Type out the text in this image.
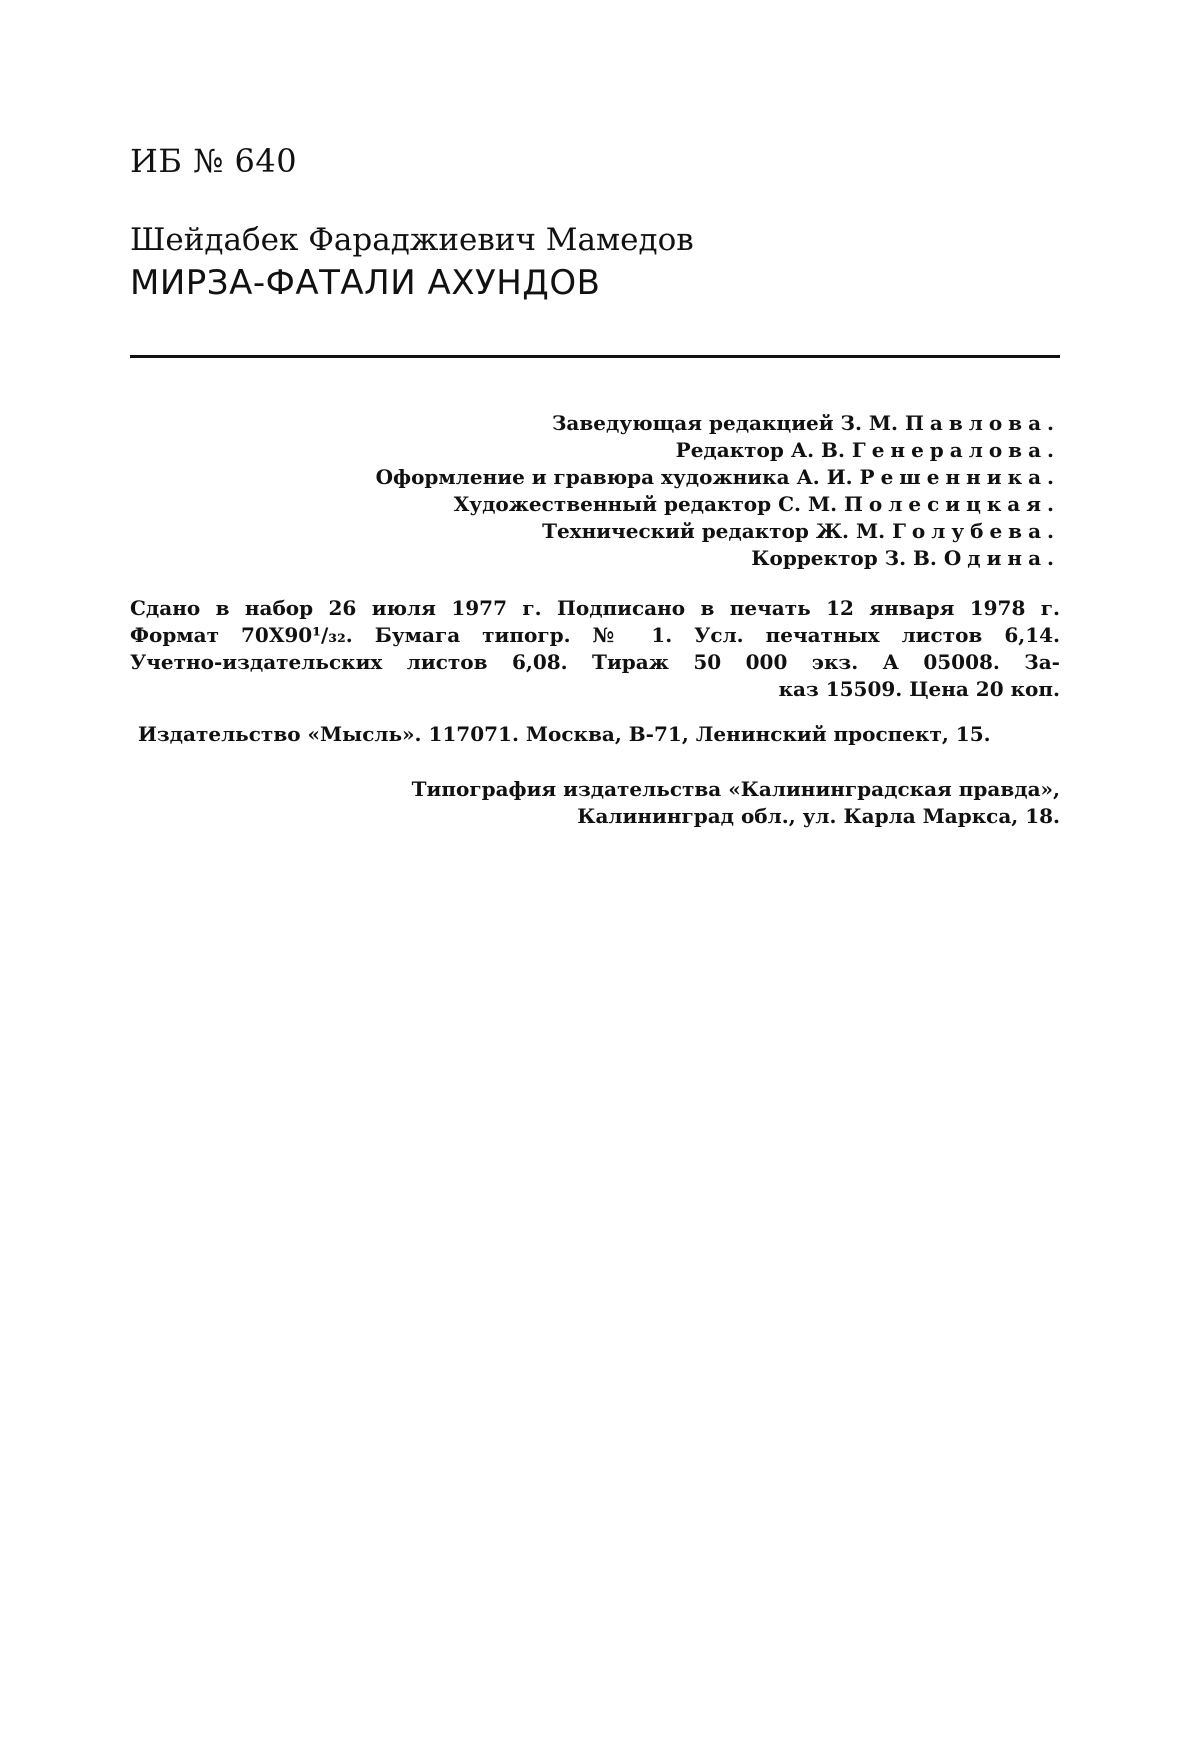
ИБ № 640
Шейдабек Фараджиевич Мамедов
МИРЗА-ФАТАЛИ АХУНДОВ
Заведующая редакцией З. М. Павлова.
Редактор А. В. Генералова.
Оформление и гравюра художника А. И. Решенника.
Художественный редактор С. М. Полесицкая.
Технический редактор Ж. М. Голубева.
Корректор З. В. Одина.
Сдано в набор 26 июля 1977 г. Подписано в печать 12 января 1978 г.
Формат 70X90¹/₃₂. Бумага типогр. № 1. Усл. печатных листов 6,14.
Учетно-издательских листов 6,08. Тираж 50 000 экз. А 05008. За-
каз 15509. Цена 20 коп.
Издательство «Мысль». 117071. Москва, В-71, Ленинский проспект, 15.
Типография издательства «Калининградская правда»,
Калининград обл., ул. Карла Маркса, 18.
